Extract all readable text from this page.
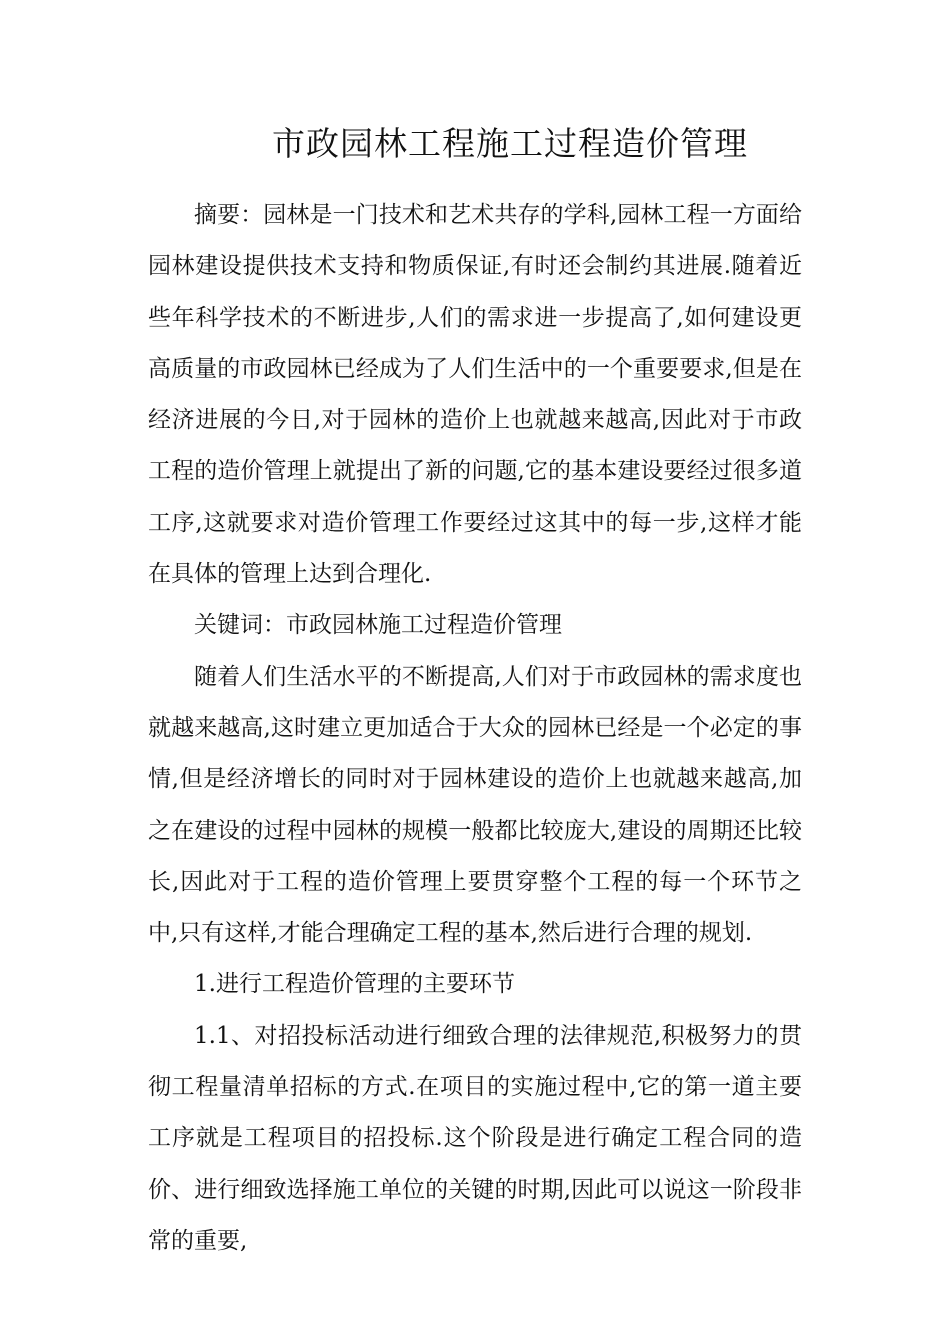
市政园林工程施工过程造价管理

摘要：园林是一门技术和艺术共存的学科,园林工程一方面给园林建设提供技术支持和物质保证,有时还会制约其进展.随着近些年科学技术的不断进步,人们的需求进一步提高了,如何建设更高质量的市政园林已经成为了人们生活中的一个重要要求,但是在经济进展的今日,对于园林的造价上也就越来越高,因此对于市政工程的造价管理上就提出了新的问题,它的基本建设要经过很多道工序,这就要求对造价管理工作要经过这其中的每一步,这样才能在具体的管理上达到合理化.

关键词：市政园林施工过程造价管理

随着人们生活水平的不断提高,人们对于市政园林的需求度也就越来越高,这时建立更加适合于大众的园林已经是一个必定的事情,但是经济增长的同时对于园林建设的造价上也就越来越高,加之在建设的过程中园林的规模一般都比较庞大,建设的周期还比较长,因此对于工程的造价管理上要贯穿整个工程的每一个环节之中,只有这样,才能合理确定工程的基本,然后进行合理的规划.

1.进行工程造价管理的主要环节

1.1、对招投标活动进行细致合理的法律规范,积极努力的贯彻工程量清单招标的方式.在项目的实施过程中,它的第一道主要工序就是工程项目的招投标.这个阶段是进行确定工程合同的造价、进行细致选择施工单位的关键的时期,因此可以说这一阶段非常的重要,
